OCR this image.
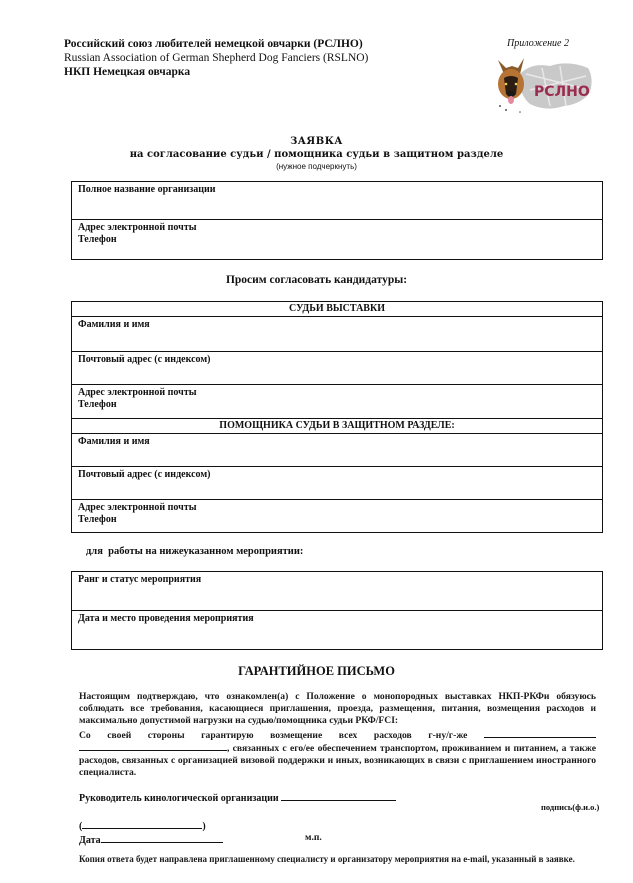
Российский союз любителей немецкой овчарки (РСЛНО)
Russian Association of German Shepherd Dog Fanciers (RSLNO)
НКП Немецкая овчарка
Приложение 2
РСЛНО
ЗАЯВКА
на согласование судьи / помощника судьи в защитном разделе
(нужное подчеркнуть)
Полное название организации

Адрес электронной почты
Телефон
Просим согласовать кандидатуры:
СУДЬИ ВЫСТАВКИ
Фамилия и имя
Почтовый адрес (с индексом)

Адрес электронной почты
Телефон

ПОМОЩНИКА СУДЬИ В ЗАЩИТНОМ РАЗДЕЛЕ:
Фамилия и имя
Почтовый адрес (с индексом)

Адрес электронной почты
Телефон
для  работы на нижеуказанном мероприятии:
Ранг и статус мероприятия
Дата и место проведения мероприятия
ГАРАНТИЙНОЕ ПИСЬМО
Настоящим подтверждаю, что ознакомлен(а) с Положение о монопородных выставках НКП-РКФи обязуюсь соблюдать все требования, касающиеся приглашения, проезда, размещения, питания, возмещения расходов и максимально допустимой нагрузки на судью/помощника судьи РКФ/FCI:
Со своей стороны гарантирую возмещение всех расходов г-ну/г-же
, связанных с его/ее обеспечением транспортом, проживанием и питанием, а также расходов, связанных с организацией визовой поддержки и иных, возникающих в связи с приглашением иностранного специалиста.
Руководитель кинологической организации
подпись(ф.и.о.)
(	)
Дата	м.п.
Копия ответа будет направлена приглашенному специалисту и организатору мероприятия на e-mail, указанный в заявке.
